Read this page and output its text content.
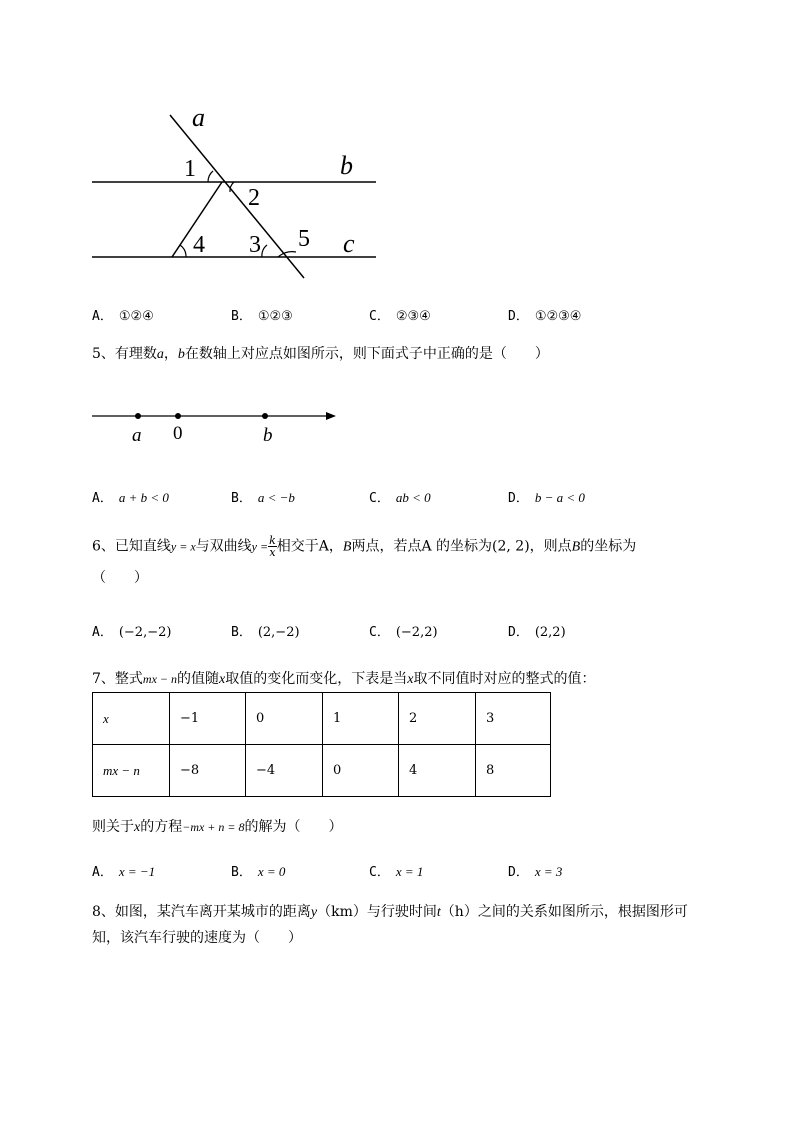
a
b
c
1
2
4 3 5
A． ①②④	B． ①②③	C． ②③④	D． ①②③④
5、有理数a，b在数轴上对应点如图所示，则下面式子中正确的是（　　）
a 0	b
A． a + b < 0	B． a < −b	C． ab < 0	D． b − a < 0
6、已知直线y = x与双曲线$y = \frac{k}{x}$ 相交于A，B两点，若点A 的坐标为(2, 2)，则点B的坐标为
（　　）
A． (−2,−2)	B． (2,−2)	C． (−2,2)	D． (2,2)
7、整式mx − n的值随x取值的变化而变化，下表是当x取不同值时对应的整式的值：
x	−1	0	1	2	3
mx − n	−8	−4	0	4	8
则关于x的方程−mx + n = 8的解为（　　）
A． x = −1	B． x = 0	C． x = 1	D． x = 3
8、如图，某汽车离开某城市的距离y（km）与行驶时间t（h）之间的关系如图所示，根据图形可
知，该汽车行驶的速度为（　　）
